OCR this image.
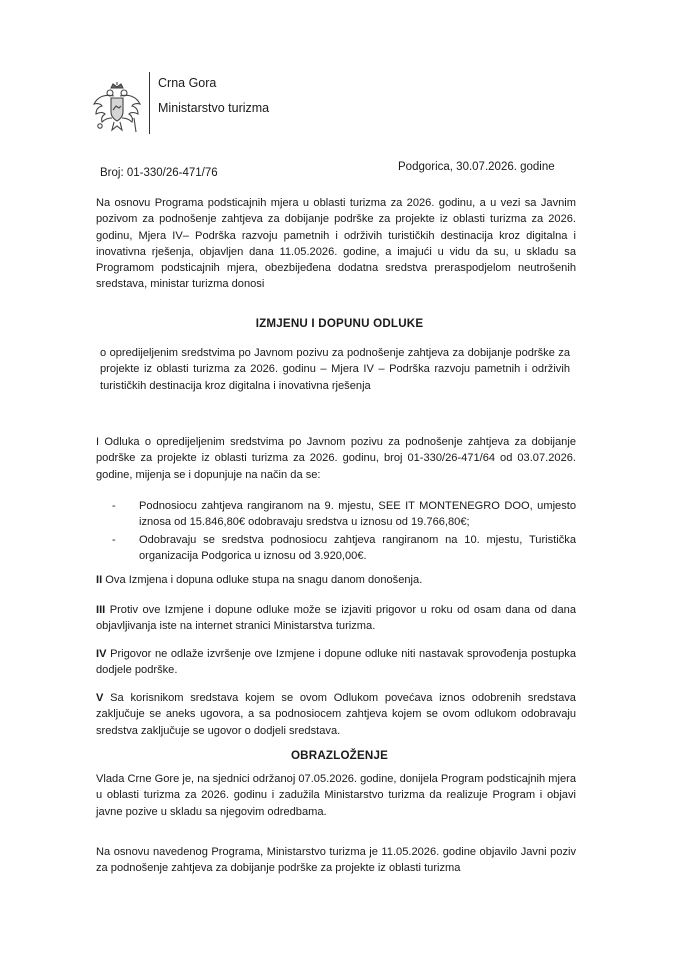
Crna Gora
Ministarstvo turizma
Broj: 01-330/26-471/76	Podgorica, 30.07.2026. godine

Na osnovu Programa podsticajnih mjera u oblasti turizma za 2026. godinu, a u vezi sa Javnim pozivom za podnošenje zahtjeva za dobijanje podrške za projekte iz oblasti turizma za 2026. godinu, Mjera IV– Podrška razvoju pametnih i održivih turističkih destinacija kroz digitalna i inovativna rješenja, objavljen dana 11.05.2026. godine, a imajući u vidu da su, u skladu sa Programom podsticajnih mjera, obezbijeđena dodatna sredstva preraspodjelom neutrošenih sredstava, ministar turizma donosi

IZMJENU I DOPUNU ODLUKE

o opredijeljenim sredstvima po Javnom pozivu za podnošenje zahtjeva za dobijanje podrške za projekte iz oblasti turizma za 2026. godinu – Mjera IV – Podrška razvoju pametnih i održivih turističkih destinacija kroz digitalna i inovativna rješenja

I Odluka o opredijeljenim sredstvima po Javnom pozivu za podnošenje zahtjeva za dobijanje podrške za projekte iz oblasti turizma za 2026. godinu, broj 01-330/26-471/64 od 03.07.2026. godine, mijenja se i dopunjuje na način da se:

- Podnosiocu zahtjeva rangiranom na 9. mjestu, SEE IT MONTENEGRO DOO, umjesto iznosa od 15.846,80€ odobravaju sredstva u iznosu od 19.766,80€;
- Odobravaju se sredstva podnosiocu zahtjeva rangiranom na 10. mjestu, Turistička organizacija Podgorica u iznosu od 3.920,00€.

II Ova Izmjena i dopuna odluke stupa na snagu danom donošenja.

III Protiv ove Izmjene i dopune odluke može se izjaviti prigovor u roku od osam dana od dana objavljivanja iste na internet stranici Ministarstva turizma.

IV Prigovor ne odlaže izvršenje ove Izmjene i dopune odluke niti nastavak sprovođenja postupka dodjele podrške.

V Sa korisnikom sredstava kojem se ovom Odlukom povećava iznos odobrenih sredstava zaključuje se aneks ugovora, a sa podnosiocem zahtjeva kojem se ovom odlukom odobravaju sredstva zaključuje se ugovor o dodjeli sredstava.

OBRAZLOŽENJE

Vlada Crne Gore je, na sjednici održanoj 07.05.2026. godine, donijela Program podsticajnih mjera u oblasti turizma za 2026. godinu i zadužila Ministarstvo turizma da realizuje Program i objavi javne pozive u skladu sa njegovim odredbama.

Na osnovu navedenog Programa, Ministarstvo turizma je 11.05.2026. godine objavilo Javni poziv za podnošenje zahtjeva za dobijanje podrške za projekte iz oblasti turizma
